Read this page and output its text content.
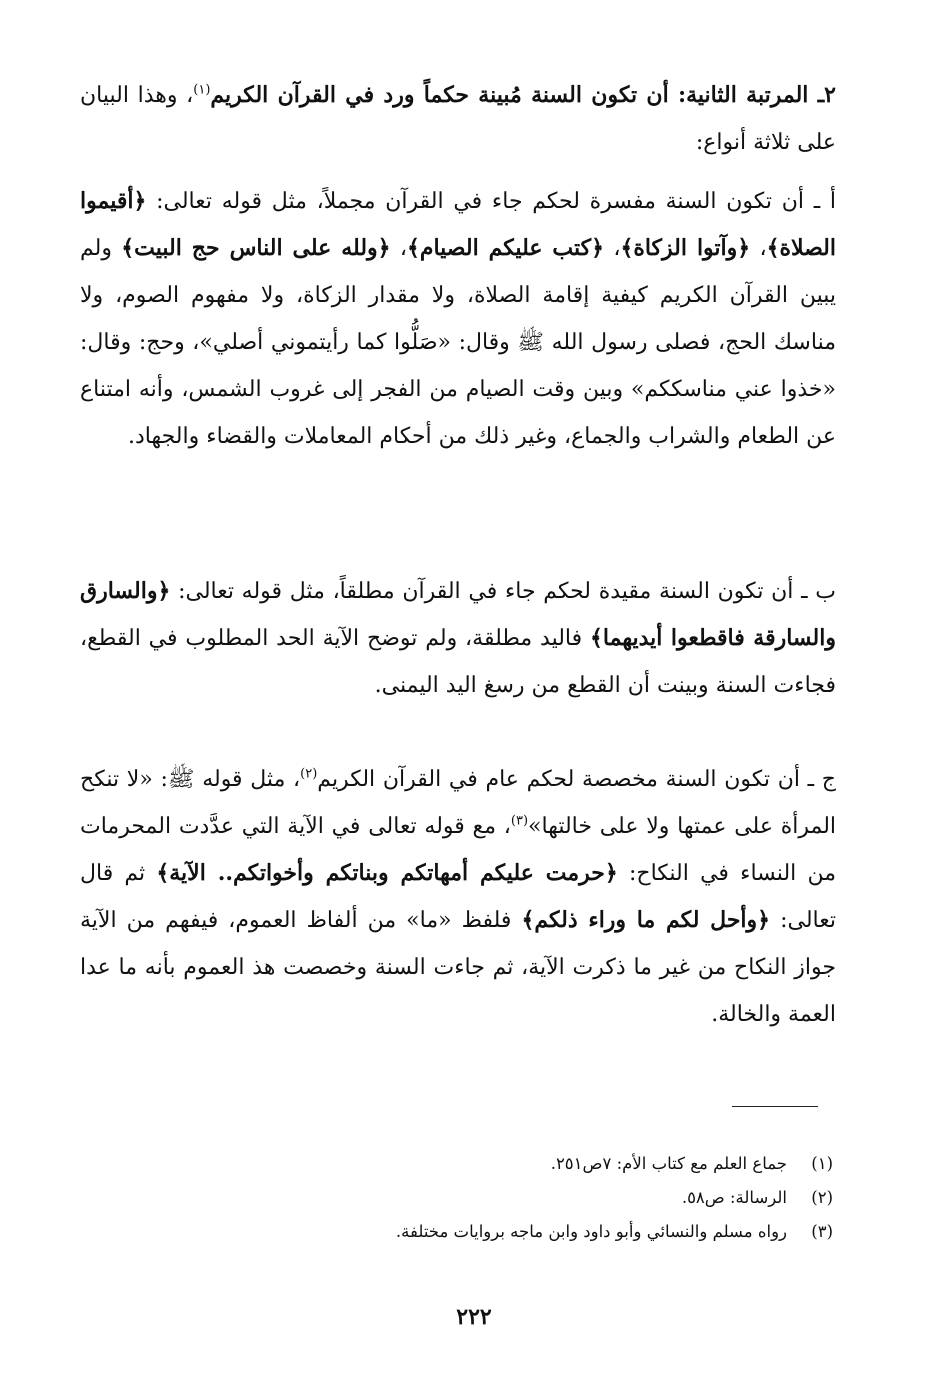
٢ـ المرتبة الثانية: أن تكون السنة مُبينة حكماً ورد في القرآن الكريم$^{(١)}$، وهذا البيان على ثلاثة أنواع:
أ ـ أن تكون السنة مفسرة لحكم جاء في القرآن مجملاً، مثل قوله تعالى: ﴿أقيموا الصلاة﴾، ﴿وآتوا الزكاة﴾، ﴿كتب عليكم الصيام﴾، ﴿ولله على الناس حج البيت﴾ ولم يبين القرآن الكريم كيفية إقامة الصلاة، ولا مقدار الزكاة، ولا مفهوم الصوم، ولا مناسك الحج، فصلى رسول الله ﷺ وقال: «صَلُّوا كما رأيتموني أصلي»، وحج: وقال: «خذوا عني مناسككم» وبين وقت الصيام من الفجر إلى غروب الشمس، وأنه امتناع عن الطعام والشراب والجماع، وغير ذلك من أحكام المعاملات والقضاء والجهاد.
ب ـ أن تكون السنة مقيدة لحكم جاء في القرآن مطلقاً، مثل قوله تعالى: ﴿والسارق والسارقة فاقطعوا أيديهما﴾ فاليد مطلقة، ولم توضح الآية الحد المطلوب في القطع، فجاءت السنة وبينت أن القطع من رسغ اليد اليمنى.
ج ـ أن تكون السنة مخصصة لحكم عام في القرآن الكريم$^{(٢)}$، مثل قوله ﷺ: «لا تنكح المرأة على عمتها ولا على خالتها»$^{(٣)}$، مع قوله تعالى في الآية التي عدَّدت المحرمات من النساء في النكاح: ﴿حرمت عليكم أمهاتكم وبناتكم وأخواتكم.. الآية﴾ ثم قال تعالى: ﴿وأحل لكم ما وراء ذلكم﴾ فلفظ «ما» من ألفاظ العموم، فيفهم من الآية جواز النكاح من غير ما ذكرت الآية، ثم جاءت السنة وخصصت هذ العموم بأنه ما عدا العمة والخالة.
(١)جماع العلم مع كتاب الأم: ٧ص٢٥١.
(٢)الرسالة: ص٥٨.
(٣)رواه مسلم والنسائي وأبو داود وابن ماجه بروايات مختلفة.
٢٢٢
